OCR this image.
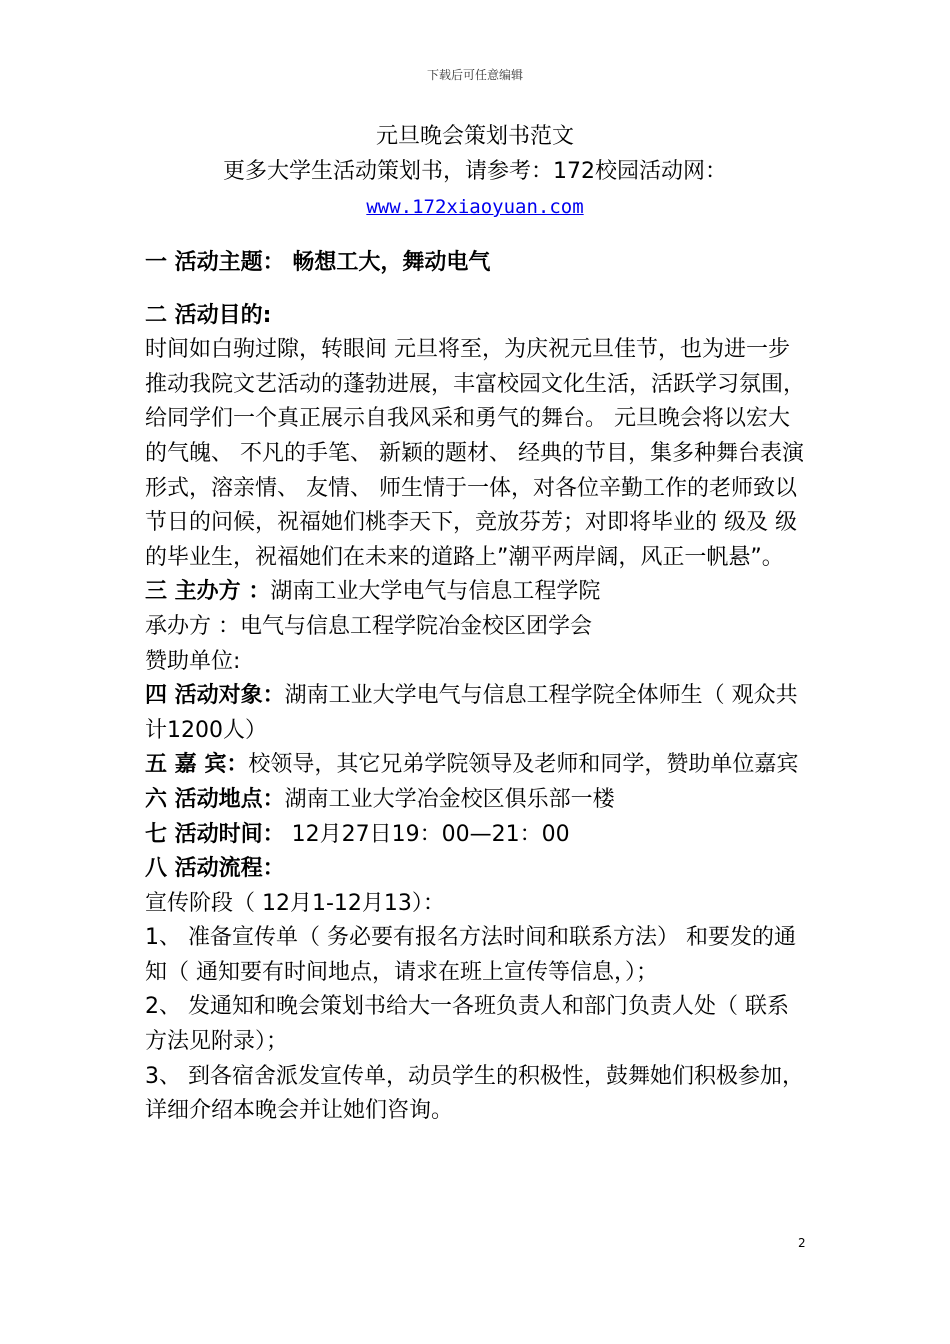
下载后可任意编辑
元旦晚会策划书范文
更多大学生活动策划书，请参考：172校园活动网：
www.172xiaoyuan.com

一 活动主题： 畅想工大，舞动电气

二 活动目的:

时间如白驹过隙，转眼间 元旦将至，为庆祝元旦佳节，也为进一步推动我院文艺活动的蓬勃进展，丰富校园文化生活，活跃学习氛围，给同学们一个真正展示自我风采和勇气的舞台。 元旦晚会将以宏大的气魄、 不凡的手笔、 新颖的题材、 经典的节目，集多种舞台表演形式，溶亲情、 友情、 师生情于一体，对各位辛勤工作的老师致以节日的问候，祝福她们桃李天下，竞放芬芳；对即将毕业的 级及 级的毕业生，祝福她们在未来的道路上”潮平两岸阔，风正一帆悬”。

三 主办方 ：湖南工业大学电气与信息工程学院

承办方 ：电气与信息工程学院冶金校区团学会

赞助单位:

四 活动对象：湖南工业大学电气与信息工程学院全体师生（ 观众共计1200人）

五 嘉 宾：校领导，其它兄弟学院领导及老师和同学，赞助单位嘉宾

六 活动地点：湖南工业大学冶金校区俱乐部一楼

七 活动时间： 12月27日19：00—21：00

八 活动流程：

宣传阶段（ 12月1-12月13）：

1、 准备宣传单（ 务必要有报名方法时间和联系方法） 和要发的通知（ 通知要有时间地点，请求在班上宣传等信息，）；

2、 发通知和晚会策划书给大一各班负责人和部门负责人处（ 联系方法见附录）；

3、 到各宿舍派发宣传单，动员学生的积极性，鼓舞她们积极参加，详细介绍本晚会并让她们咨询。

2
